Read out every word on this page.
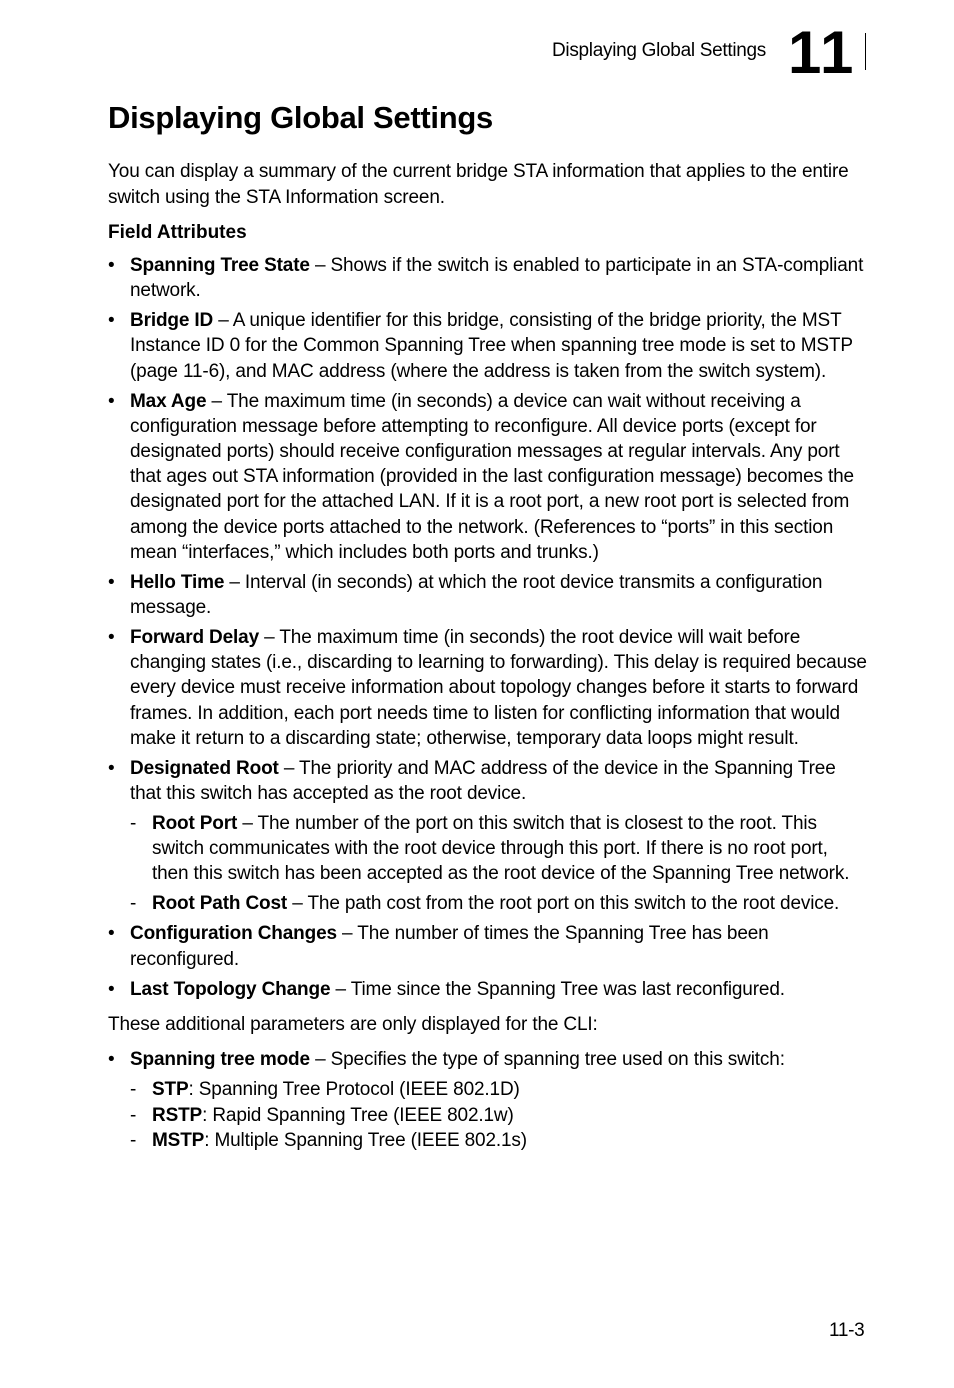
Displaying Global Settings 11
Displaying Global Settings

You can display a summary of the current bridge STA information that applies to the entire switch using the STA Information screen.

Field Attributes

• Spanning Tree State – Shows if the switch is enabled to participate in an STA-compliant network.
• Bridge ID – A unique identifier for this bridge, consisting of the bridge priority, the MST Instance ID 0 for the Common Spanning Tree when spanning tree mode is set to MSTP (page 11-6), and MAC address (where the address is taken from the switch system).
• Max Age – The maximum time (in seconds) a device can wait without receiving a configuration message before attempting to reconfigure. All device ports (except for designated ports) should receive configuration messages at regular intervals. Any port that ages out STA information (provided in the last configuration message) becomes the designated port for the attached LAN. If it is a root port, a new root port is selected from among the device ports attached to the network. (References to “ports” in this section mean “interfaces,” which includes both ports and trunks.)
• Hello Time – Interval (in seconds) at which the root device transmits a configuration message.
• Forward Delay – The maximum time (in seconds) the root device will wait before changing states (i.e., discarding to learning to forwarding). This delay is required because every device must receive information about topology changes before it starts to forward frames. In addition, each port needs time to listen for conflicting information that would make it return to a discarding state; otherwise, temporary data loops might result.
• Designated Root – The priority and MAC address of the device in the Spanning Tree that this switch has accepted as the root device.
- Root Port – The number of the port on this switch that is closest to the root. This switch communicates with the root device through this port. If there is no root port, then this switch has been accepted as the root device of the Spanning Tree network.
- Root Path Cost – The path cost from the root port on this switch to the root device.
• Configuration Changes – The number of times the Spanning Tree has been reconfigured.
• Last Topology Change – Time since the Spanning Tree was last reconfigured.

These additional parameters are only displayed for the CLI:

• Spanning tree mode – Specifies the type of spanning tree used on this switch:
- STP: Spanning Tree Protocol (IEEE 802.1D)
- RSTP: Rapid Spanning Tree (IEEE 802.1w)
- MSTP: Multiple Spanning Tree (IEEE 802.1s)
11-3
